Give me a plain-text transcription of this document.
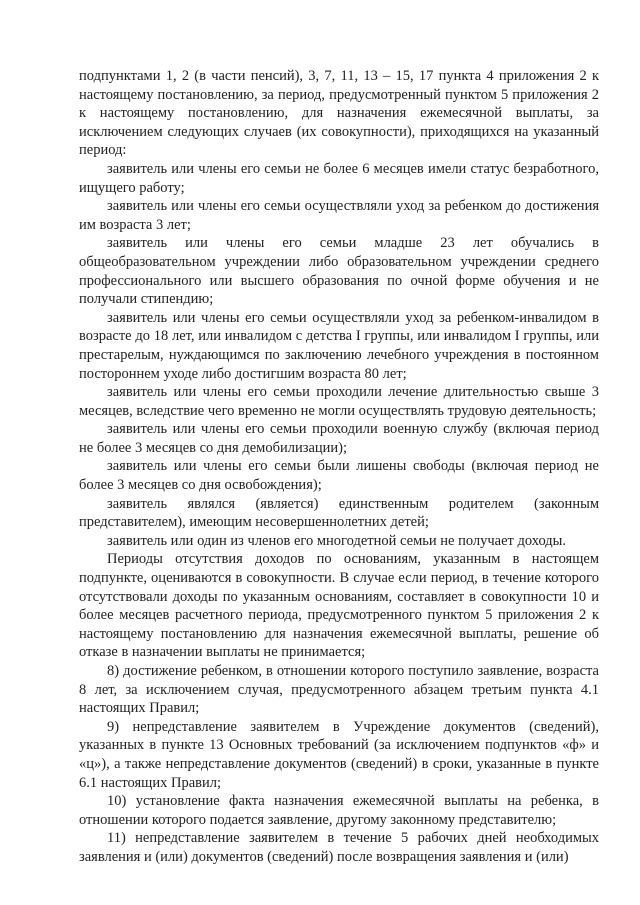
подпунктами 1, 2 (в части пенсий), 3, 7, 11, 13 – 15, 17 пункта 4 приложения 2 к настоящему постановлению, за период, предусмотренный пунктом 5 приложения 2 к настоящему постановлению, для назначения ежемесячной выплаты, за исключением следующих случаев (их совокупности), приходящихся на указанный период:

заявитель или члены его семьи не более 6 месяцев имели статус безработного, ищущего работу;

заявитель или члены его семьи осуществляли уход за ребенком до достижения им возраста 3 лет;

заявитель или члены его семьи младше 23 лет обучались в общеобразовательном учреждении либо образовательном учреждении среднего профессионального или высшего образования по очной форме обучения и не получали стипендию;

заявитель или члены его семьи осуществляли уход за ребенком-инвалидом в возрасте до 18 лет, или инвалидом с детства I группы, или инвалидом I группы, или престарелым, нуждающимся по заключению лечебного учреждения в постоянном постороннем уходе либо достигшим возраста 80 лет;

заявитель или члены его семьи проходили лечение длительностью свыше 3 месяцев, вследствие чего временно не могли осуществлять трудовую деятельность;

заявитель или члены его семьи проходили военную службу (включая период не более 3 месяцев со дня демобилизации);

заявитель или члены его семьи были лишены свободы (включая период не более 3 месяцев со дня освобождения);

заявитель являлся (является) единственным родителем (законным представителем), имеющим несовершеннолетних детей;

заявитель или один из членов его многодетной семьи не получает доходы.

Периоды отсутствия доходов по основаниям, указанным в настоящем подпункте, оцениваются в совокупности. В случае если период, в течение которого отсутствовали доходы по указанным основаниям, составляет в совокупности 10 и более месяцев расчетного периода, предусмотренного пунктом 5 приложения 2 к настоящему постановлению для назначения ежемесячной выплаты, решение об отказе в назначении выплаты не принимается;

8) достижение ребенком, в отношении которого поступило заявление, возраста 8 лет, за исключением случая, предусмотренного абзацем третьим пункта 4.1 настоящих Правил;

9) непредставление заявителем в Учреждение документов (сведений), указанных в пункте 13 Основных требований (за исключением подпунктов «ф» и «ц»), а также непредставление документов (сведений) в сроки, указанные в пункте 6.1 настоящих Правил;

10) установление факта назначения ежемесячной выплаты на ребенка, в отношении которого подается заявление, другому законному представителю;

11) непредставление заявителем в течение 5 рабочих дней необходимых заявления и (или) документов (сведений) после возвращения заявления и (или)
